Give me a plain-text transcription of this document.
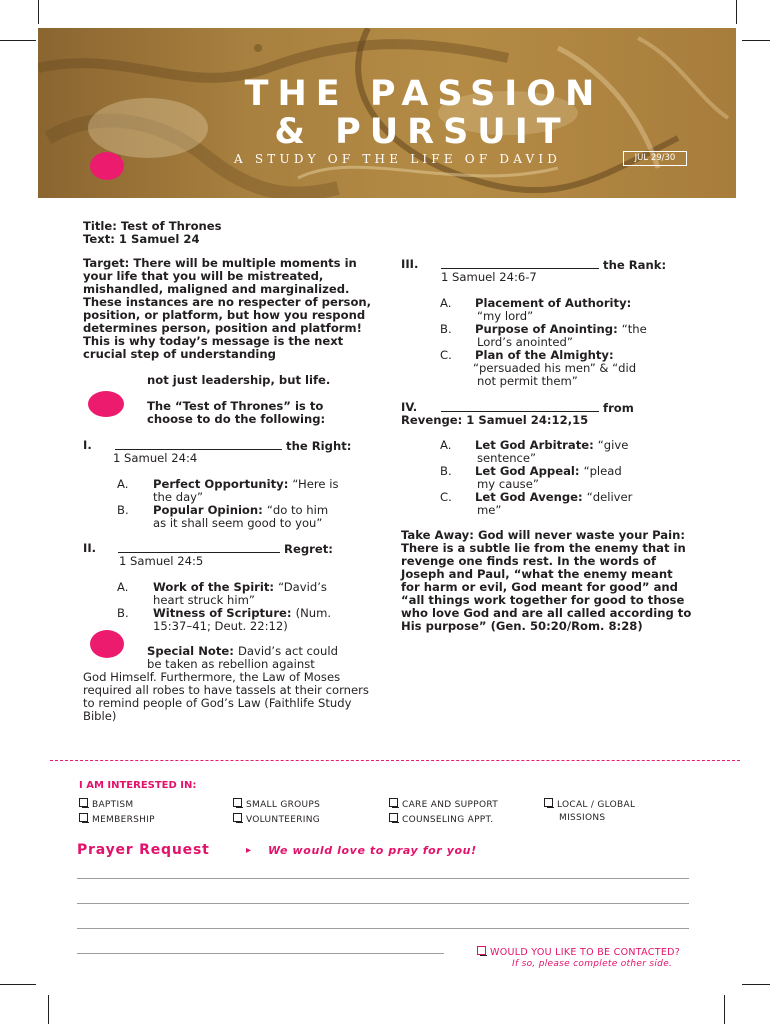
THE PASSION
& PURSUIT
A STUDY OF THE LIFE OF DAVID	JUL 29/30
Title: Test of Thrones
Text: 1 Samuel 24

Target: There will be multiple moments in your life that you will be mistreated, mishandled, maligned and marginalized. These instances are no respecter of person, position, or platform, but how you respond determines person, position and platform! This is why today’s message is the next crucial step of understanding

not just leadership, but life.
The “Test of Thrones” is to
choose to do the following:
I.	the Right:
1 Samuel 24:4
A. Perfect Opportunity: “Here is
the day”
B. Popular Opinion: “do to him
as it shall seem good to you”
II.	Regret:
1 Samuel 24:5
A. Work of the Spirit: “David’s
heart struck him”
B. Witness of Scripture: (Num.
15:37–41; Deut. 22:12)
Special Note: David’s act could
be taken as rebellion against

God Himself. Furthermore, the Law of Moses required all robes to have tassels at their corners to remind people of God’s Law (Faithlife Study Bible)

III.	the Rank:
1 Samuel 24:6-7
A. Placement of Authority:
“my lord”
B. Purpose of Anointing: “the
Lord’s anointed”
C. Plan of the Almighty:
“persuaded his men” & “did
not permit them”
IV.	from
Revenge: 1 Samuel 24:12,15
A. Let God Arbitrate: “give
sentence”
B. Let God Appeal: “plead
my cause”
C. Let God Avenge: “deliver
me”

Take Away: God will never waste your Pain: There is a subtle lie from the enemy that in revenge one finds rest. In the words of Joseph and Paul, “what the enemy meant for harm or evil, God meant for good” and “all things work together for good to those who love God and are all called according to His purpose” (Gen. 50:20/Rom. 8:28)

I AM INTERESTED IN:
BAPTISM	SMALL GROUPS	CARE AND SUPPORT	LOCAL / GLOBAL
MEMBERSHIP	VOLUNTEERING	COUNSELING APPT.	MISSIONS
Prayer Request	▸ We would love to pray for you!
WOULD YOU LIKE TO BE CONTACTED?
If so, please complete other side.
